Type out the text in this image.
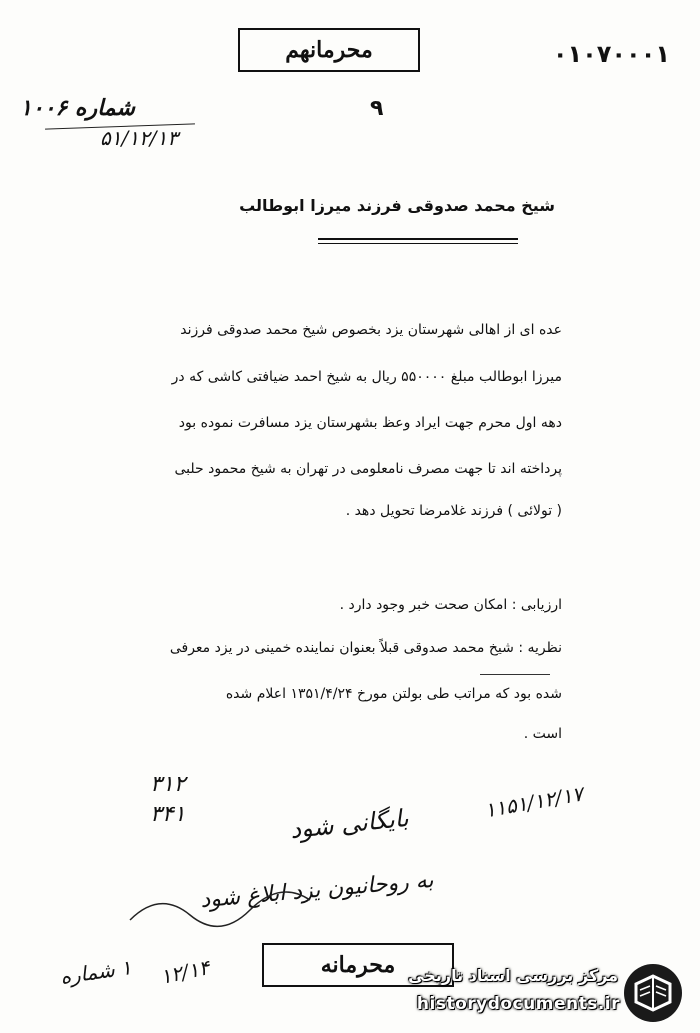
محرمانهم	۰۱۰۷۰۰۰۱
۹
شماره ۱۰۰۶
۵۱/۱۲/۱۳
شیخ محمد صدوقی فرزند میرزا ابوطالب
عده ای از اهالی شهرستان یزد بخصوص شیخ محمد صدوقی فرزند
میرزا ابوطالب مبلغ ۵۵۰۰۰۰ ریال به شیخ احمد ضیافتی کاشی که در
دهه اول محرم جهت ایراد وعظ بشهرستان یزد مسافرت نموده بود
پرداخته اند تا جهت مصرف نامعلومی در تهران به شیخ محمود حلبی
( تولائی ) فرزند غلامرضا تحویل دهد .
ارزیابی : امکان صحت خبر وجود دارد .
نظریه : شیخ محمد صدوقی قبلاً بعنوان نماینده خمینی در یزد معرفی
شده بود که مراتب طی بولتن مورخ ۱۳۵۱/۴/۲۴ اعلام شده
است .
۳۱۲
۳۴۱	۱۱۵۱/۱۲/۱۷
بایگانی شود
به روحانیون یزد ابلاغ شود
۱۲/۱۴
۱ شماره	محرمانه مرکز بررسی اسناد تاریخی
historydocuments.ir
